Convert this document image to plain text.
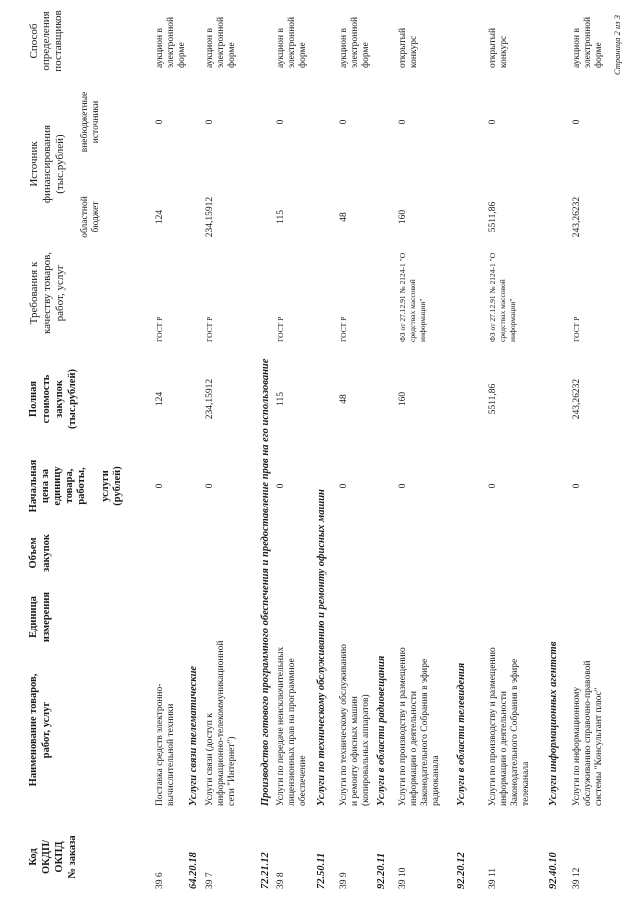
Код ОКДП/ ОКПД № заказа
Наименование товаров, работ, услуг
Единица измерения
Объем закупок
Начальная цена за единицу товара, работы, услуги (рублей)
Полная стоимость закупок (тыс.рублей)
Требования к качеству товаров, работ, услуг
Источник финансирования (тыс.рублей)
областной бюджет
внебюджетные источники
Способ определения поставщиков
39 6
Поставка средств электронно- вычислительной техники
0
124
ГОСТ Р
124
0
аукцион в электронной форме
64.20.18
Услуги связи телематические
39 7
Услуги связи (доступ к информационно-телекоммуникационной сети "Интернет")
0
234,15912
ГОСТ Р
234,15912
0
аукцион в электронной форме
72.21.12
Производство готового программного обеспечения и предоставление прав на его использование
39 8
Услуги по передаче неисключительных лицензионных прав на программное обеспечение
0
115
ГОСТ Р
115
0
аукцион в электронной форме
72.50.11
Услуги по техническому обслуживанию и ремонту офисных машин
39 9
Услуги по техническому обслуживанию и ремонту офисных машин (копировальных аппаратов)
0
48
ГОСТ Р
48
0
аукцион в электронной форме
92.20.11
Услуги в области радиовещания
39 10
Услуги по производству и размещению информации о деятельности Законодательного Собрания в эфире радиоканала
0
160
ФЗ от 27.12.91 № 2124-1 "О средствах массовой информации"
160
0
открытый конкурс
92.20.12
Услуги в области телевидения
39 11
Услуги по производству и размещению информации о деятельности Законодательного Собрания в эфире телеканала
0
5511,86
ФЗ от 27.12.91 № 2124-1 "О средствах массовой информации"
5511,86
0
открытый конкурс
92.40.10
Услуги информационных агентств
39 12
Услуги по информационному обслуживанию справочно-правовой системы "Консультант плюс"
0
243,26232
ГОСТ Р
243,26232
0
аукцион в электронной форме Страница 2 из 3
